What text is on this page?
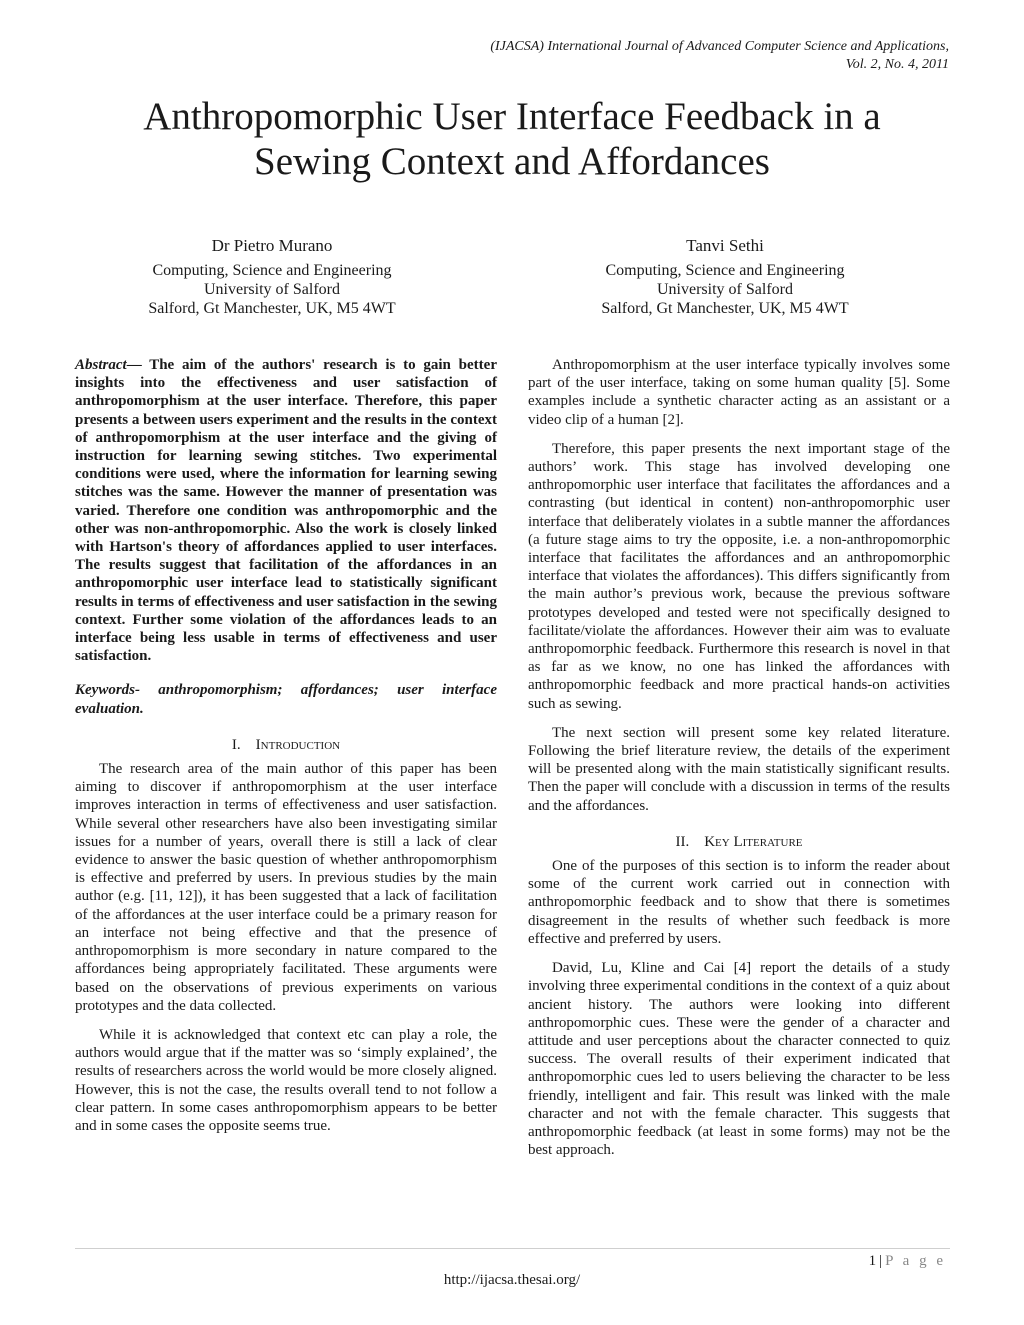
(IJACSA) International Journal of Advanced Computer Science and Applications,
Vol. 2, No. 4, 2011
Anthropomorphic User Interface Feedback in a
Sewing Context and Affordances
Dr Pietro Murano
Computing, Science and Engineering
University of Salford
Salford, Gt Manchester, UK, M5 4WT
Tanvi Sethi
Computing, Science and Engineering
University of Salford
Salford, Gt Manchester, UK, M5 4WT

Abstract— The aim of the authors' research is to gain better insights into the effectiveness and user satisfaction of anthropomorphism at the user interface. Therefore, this paper presents a between users experiment and the results in the context of anthropomorphism at the user interface and the giving of instruction for learning sewing stitches. Two experimental conditions were used, where the information for learning sewing stitches was the same. However the manner of presentation was varied. Therefore one condition was anthropomorphic and the other was non-anthropomorphic. Also the work is closely linked with Hartson's theory of affordances applied to user interfaces. The results suggest that facilitation of the affordances in an anthropomorphic user interface lead to statistically significant results in terms of effectiveness and user satisfaction in the sewing context. Further some violation of the affordances leads to an interface being less usable in terms of effectiveness and user satisfaction.

Keywords- anthropomorphism; affordances; user interface evaluation.

I. Introduction

The research area of the main author of this paper has been aiming to discover if anthropomorphism at the user interface improves interaction in terms of effectiveness and user satisfaction. While several other researchers have also been investigating similar issues for a number of years, overall there is still a lack of clear evidence to answer the basic question of whether anthropomorphism is effective and preferred by users. In previous studies by the main author (e.g. [11, 12]), it has been suggested that a lack of facilitation of the affordances at the user interface could be a primary reason for an interface not being effective and that the presence of anthropomorphism is more secondary in nature compared to the affordances being appropriately facilitated. These arguments were based on the observations of previous experiments on various prototypes and the data collected.

While it is acknowledged that context etc can play a role, the authors would argue that if the matter was so ‘simply explained’, the results of researchers across the world would be more closely aligned. However, this is not the case, the results overall tend to not follow a clear pattern. In some cases anthropomorphism appears to be better and in some cases the opposite seems true.

Anthropomorphism at the user interface typically involves some part of the user interface, taking on some human quality [5]. Some examples include a synthetic character acting as an assistant or a video clip of a human [2].

Therefore, this paper presents the next important stage of the authors’ work. This stage has involved developing one anthropomorphic user interface that facilitates the affordances and a contrasting (but identical in content) non-anthropomorphic user interface that deliberately violates in a subtle manner the affordances (a future stage aims to try the opposite, i.e. a non-anthropomorphic interface that facilitates the affordances and an anthropomorphic interface that violates the affordances). This differs significantly from the main author’s previous work, because the previous software prototypes developed and tested were not specifically designed to facilitate/violate the affordances. However their aim was to evaluate anthropomorphic feedback. Furthermore this research is novel in that as far as we know, no one has linked the affordances with anthropomorphic feedback and more practical hands-on activities such as sewing.

The next section will present some key related literature. Following the brief literature review, the details of the experiment will be presented along with the main statistically significant results. Then the paper will conclude with a discussion in terms of the results and the affordances.

II. Key Literature

One of the purposes of this section is to inform the reader about some of the current work carried out in connection with anthropomorphic feedback and to show that there is sometimes disagreement in the results of whether such feedback is more effective and preferred by users.

David, Lu, Kline and Cai [4] report the details of a study involving three experimental conditions in the context of a quiz about ancient history. The authors were looking into different anthropomorphic cues. These were the gender of a character and attitude and user perceptions about the character connected to quiz success. The overall results of their experiment indicated that anthropomorphic cues led to users believing the character to be less friendly, intelligent and fair. This result was linked with the male character and not with the female character. This suggests that anthropomorphic feedback (at least in some forms) may not be the best approach.

1 | P a g e
http://ijacsa.thesai.org/
